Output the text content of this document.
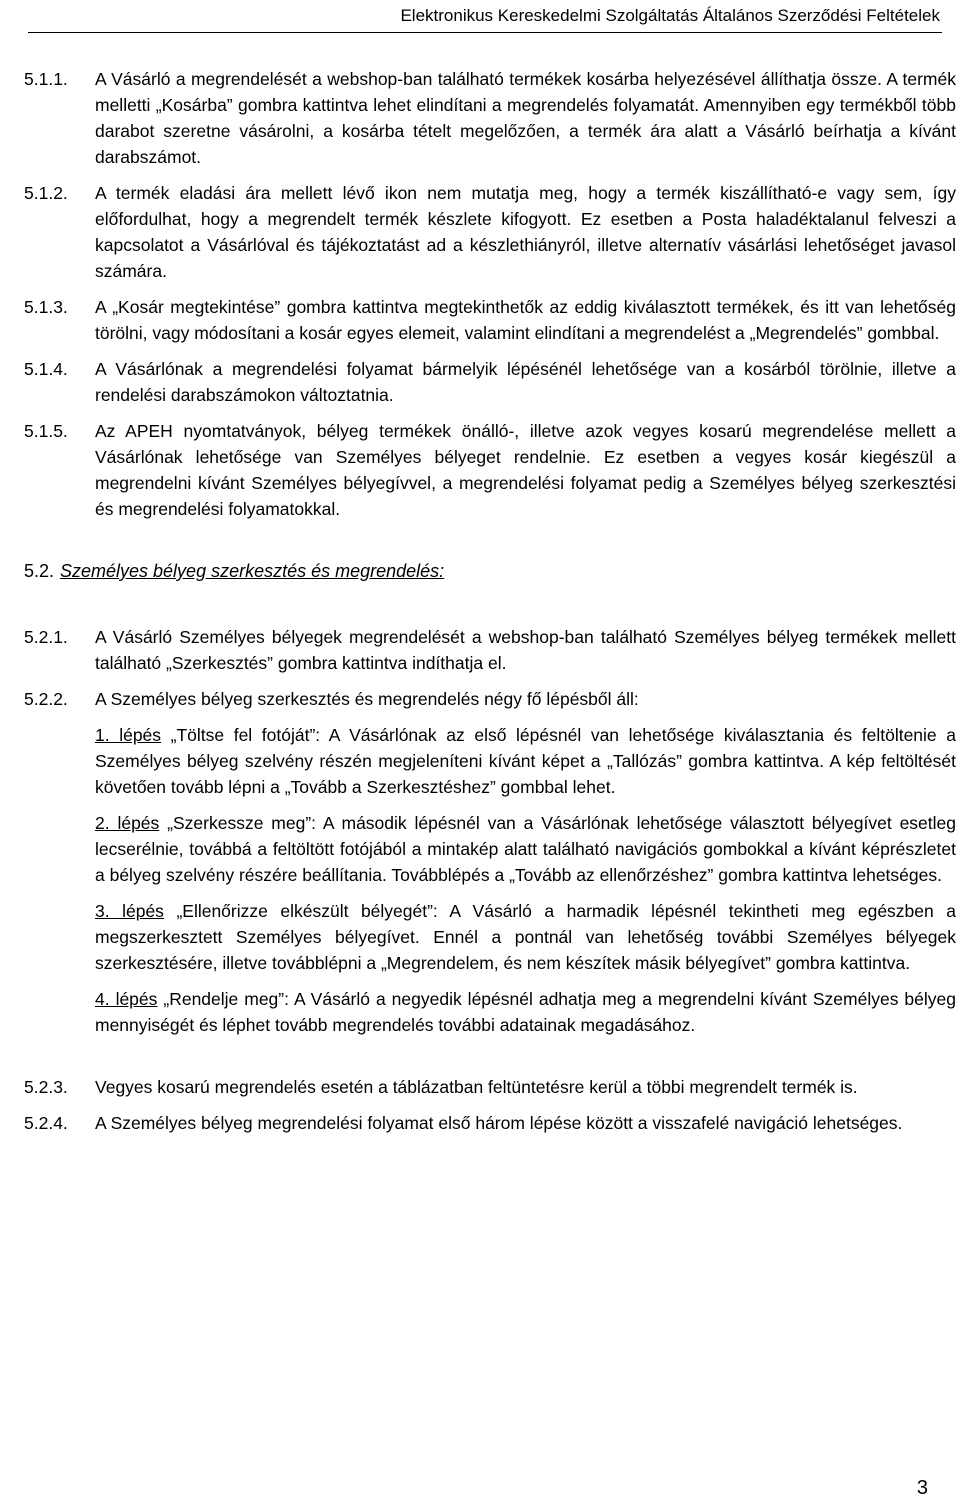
Elektronikus Kereskedelmi Szolgáltatás Általános Szerződési Feltételek
5.1.1.	A Vásárló a megrendelését a webshop-ban található termékek kosárba helyezésével állíthatja össze. A termék melletti „Kosárba” gombra kattintva lehet elindítani a megrendelés folyamatát. Amennyiben egy termékből több darabot szeretne vásárolni, a kosárba tételt megelőzően, a termék ára alatt a Vásárló beírhatja a kívánt darabszámot.
5.1.2.	A termék eladási ára mellett lévő ikon nem mutatja meg, hogy a termék kiszállítható-e vagy sem, így előfordulhat, hogy a megrendelt termék készlete kifogyott. Ez esetben a Posta haladéktalanul felveszi a kapcsolatot a Vásárlóval és tájékoztatást ad a készlethiányról, illetve alternatív vásárlási lehetőséget javasol számára.
5.1.3.	A „Kosár megtekintése” gombra kattintva megtekinthetők az eddig kiválasztott termékek, és itt van lehetőség törölni, vagy módosítani a kosár egyes elemeit, valamint elindítani a megrendelést a „Megrendelés” gombbal.
5.1.4.	A Vásárlónak a megrendelési folyamat bármelyik lépésénél lehetősége van a kosárból törölnie, illetve a rendelési darabszámokon változtatnia.
5.1.5.	Az APEH nyomtatványok, bélyeg termékek önálló-, illetve azok vegyes kosarú megrendelése mellett a Vásárlónak lehetősége van Személyes bélyeget rendelnie. Ez esetben a vegyes kosár kiegészül a megrendelni kívánt Személyes bélyegívvel, a megrendelési folyamat pedig a Személyes bélyeg szerkesztési és megrendelési folyamatokkal.
5.2. Személyes bélyeg szerkesztés és megrendelés:
5.2.1.	A Vásárló Személyes bélyegek megrendelését a webshop-ban található Személyes bélyeg termékek mellett található „Szerkesztés” gombra kattintva indíthatja el.
5.2.2.	A Személyes bélyeg szerkesztés és megrendelés négy fő lépésből áll:
1. lépés „Töltse fel fotóját”: A Vásárlónak az első lépésnél van lehetősége kiválasztania és feltöltenie a Személyes bélyeg szelvény részén megjeleníteni kívánt képet a „Tallózás” gombra kattintva. A kép feltöltését követően tovább lépni a „Tovább a Szerkesztéshez” gombbal lehet.
2. lépés „Szerkessze meg”: A második lépésnél van a Vásárlónak lehetősége választott bélyegívet esetleg lecserélnie, továbbá a feltöltött fotójából a mintakép alatt található navigációs gombokkal a kívánt képrészletet a bélyeg szelvény részére beállítania. Továbblépés a „Tovább az ellenőrzéshez” gombra kattintva lehetséges.
3. lépés „Ellenőrizze elkészült bélyegét”: A Vásárló a harmadik lépésnél tekintheti meg egészben a megszerkesztett Személyes bélyegívet. Ennél a pontnál van lehetőség további Személyes bélyegek szerkesztésére, illetve továbblépni a „Megrendelem, és nem készítek másik bélyegívet” gombra kattintva.
4. lépés „Rendelje meg”: A Vásárló a negyedik lépésnél adhatja meg a megrendelni kívánt Személyes bélyeg mennyiségét és léphet tovább megrendelés további adatainak megadásához.
5.2.3.	Vegyes kosarú megrendelés esetén a táblázatban feltüntetésre kerül a többi megrendelt termék is.
5.2.4.	A Személyes bélyeg megrendelési folyamat első három lépése között a visszafelé navigáció lehetséges.
3
